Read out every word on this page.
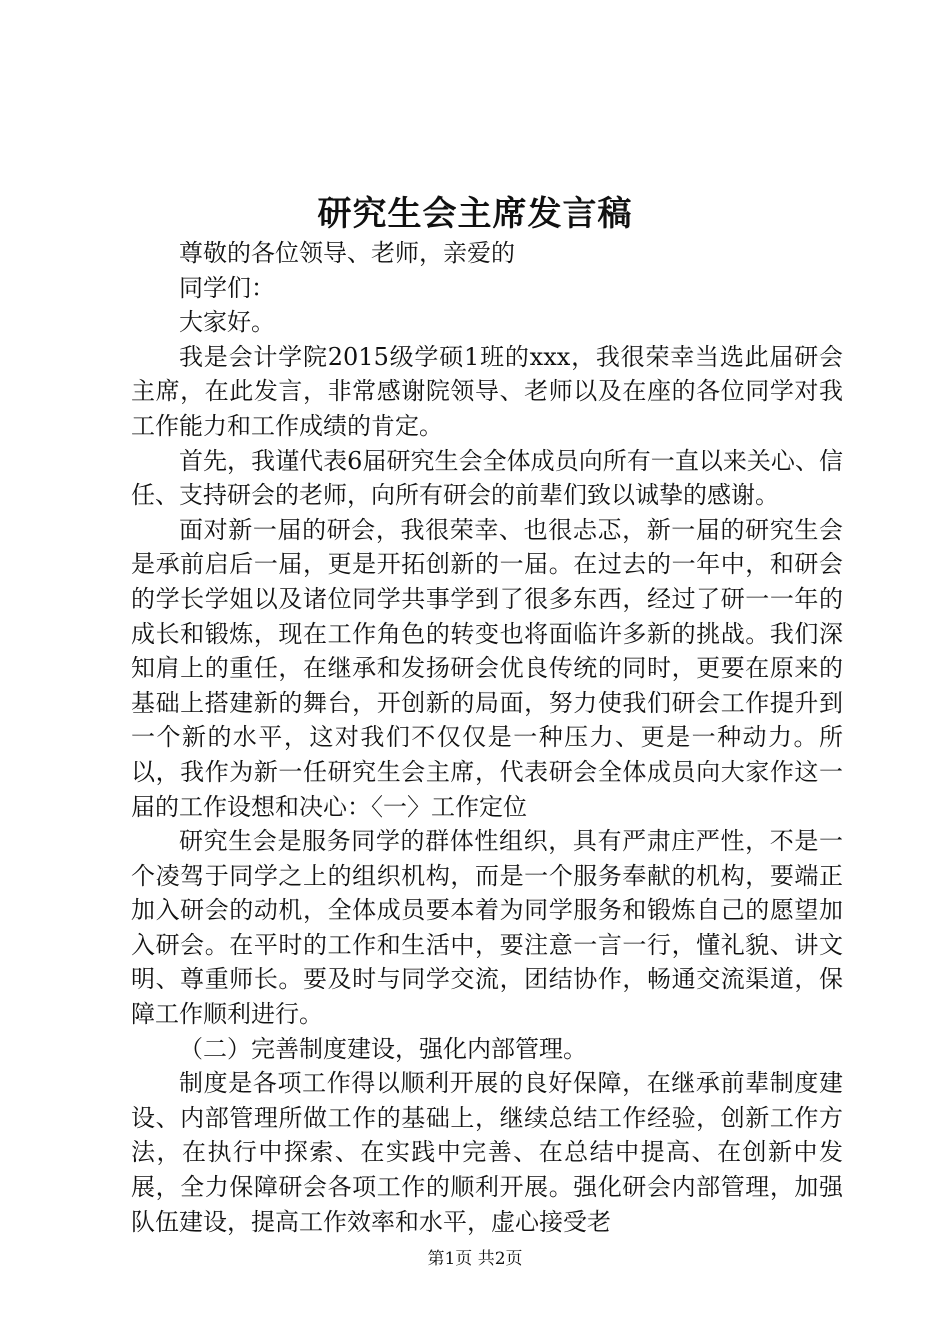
研究生会主席发言稿

尊敬的各位领导、老师，亲爱的

同学们：

大家好。

我是会计学院2015级学硕1班的xxx，我很荣幸当选此届研会主席，在此发言，非常感谢院领导、老师以及在座的各位同学对我工作能力和工作成绩的肯定。

首先，我谨代表6届研究生会全体成员向所有一直以来关心、信任、支持研会的老师，向所有研会的前辈们致以诚挚的感谢。

面对新一届的研会，我很荣幸、也很忐忑，新一届的研究生会是承前启后一届，更是开拓创新的一届。在过去的一年中，和研会的学长学姐以及诸位同学共事学到了很多东西，经过了研一一年的成长和锻炼，现在工作角色的转变也将面临许多新的挑战。我们深知肩上的重任，在继承和发扬研会优良传统的同时，更要在原来的基础上搭建新的舞台，开创新的局面，努力使我们研会工作提升到一个新的水平，这对我们不仅仅是一种压力、更是一种动力。所以，我作为新一任研究生会主席，代表研会全体成员向大家作这一届的工作设想和决心：〈一〉工作定位

研究生会是服务同学的群体性组织，具有严肃庄严性，不是一个凌驾于同学之上的组织机构，而是一个服务奉献的机构，要端正加入研会的动机，全体成员要本着为同学服务和锻炼自己的愿望加入研会。在平时的工作和生活中，要注意一言一行，懂礼貌、讲文明、尊重师长。要及时与同学交流，团结协作，畅通交流渠道，保障工作顺利进行。

（二）完善制度建设，强化内部管理。

制度是各项工作得以顺利开展的良好保障，在继承前辈制度建设、内部管理所做工作的基础上，继续总结工作经验，创新工作方法，在执行中探索、在实践中完善、在总结中提高、在创新中发展，全力保障研会各项工作的顺利开展。强化研会内部管理，加强队伍建设，提高工作效率和水平，虚心接受老

第1页 共2页
